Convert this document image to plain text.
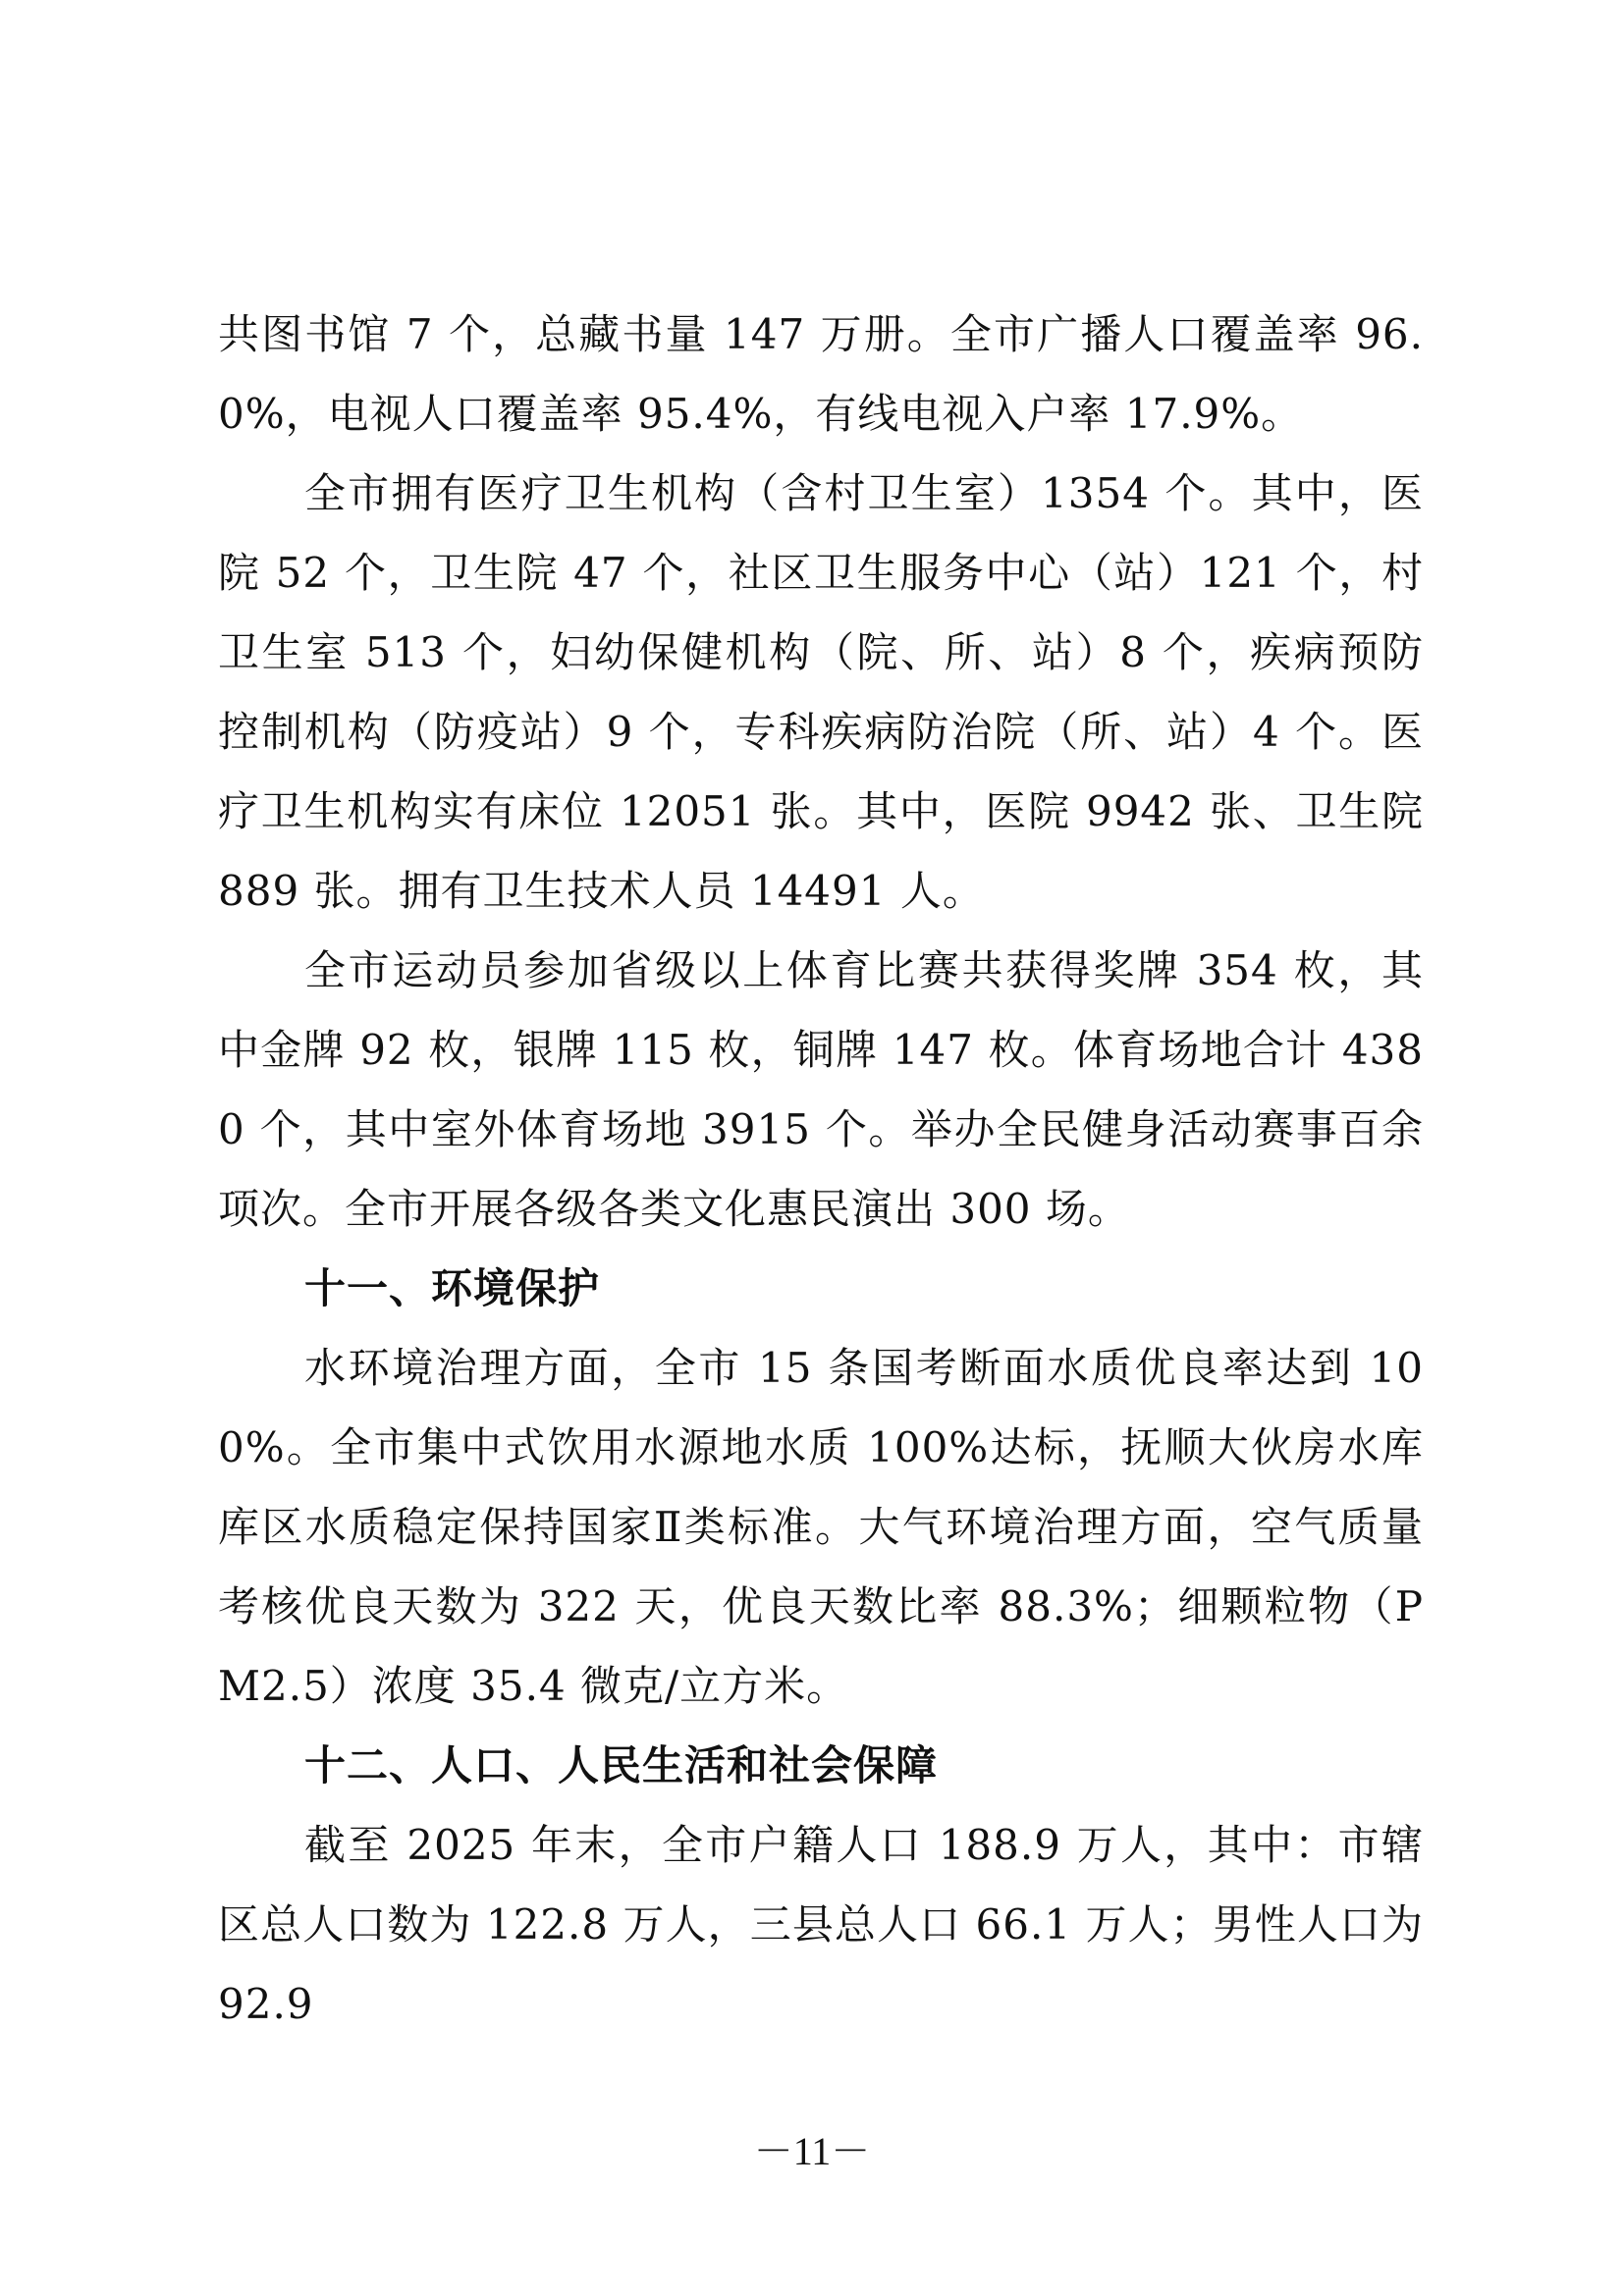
共图书馆 7 个，总藏书量 147 万册。全市广播人口覆盖率 96.0%，电视人口覆盖率 95.4%，有线电视入户率 17.9%。

全市拥有医疗卫生机构（含村卫生室）1354 个。其中，医院 52 个，卫生院 47 个，社区卫生服务中心（站）121 个，村卫生室 513 个，妇幼保健机构（院、所、站）8 个，疾病预防控制机构（防疫站）9 个，专科疾病防治院（所、站）4 个。医疗卫生机构实有床位 12051 张。其中，医院 9942 张、卫生院 889 张。拥有卫生技术人员 14491 人。

全市运动员参加省级以上体育比赛共获得奖牌 354 枚，其中金牌 92 枚，银牌 115 枚，铜牌 147 枚。体育场地合计 4380 个，其中室外体育场地 3915 个。举办全民健身活动赛事百余项次。全市开展各级各类文化惠民演出 300 场。

十一、环境保护

水环境治理方面，全市 15 条国考断面水质优良率达到 100%。全市集中式饮用水源地水质 100%达标，抚顺大伙房水库库区水质稳定保持国家Ⅱ类标准。大气环境治理方面，空气质量考核优良天数为 322 天，优良天数比率 88.3%；细颗粒物（PM2.5）浓度 35.4 微克/立方米。

十二、人口、人民生活和社会保障

截至 2025 年末，全市户籍人口 188.9 万人，其中：市辖区总人口数为 122.8 万人，三县总人口 66.1 万人；男性人口为 92.9

－11－
